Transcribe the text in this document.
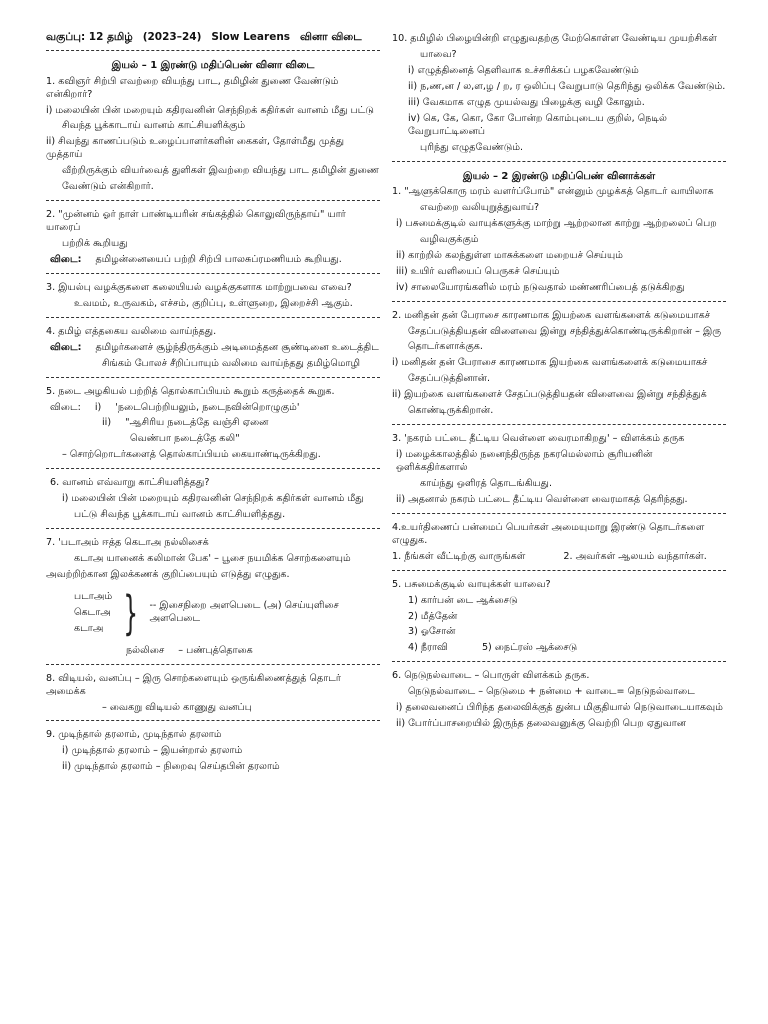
வகுப்பு: 12 தமிழ் (2023–24) Slow Learens வினா விடை
இயல் – 1 இரண்டு மதிப்பெண் வினா விடை
1. கவிஞர் சிற்பி எவற்றை வியந்து பாட, தமிழின் துணை வேண்டும் என்கிறார்?
i) மலையின் பின் மறையும் கதிரவனின் செந்நிறக் கதிர்கள் வானம் மீது பட்டு
சிவந்த பூக்காடாய் வானம் காட்சியளிக்கும்
ii) சிவந்து காணப்படும் உழைப்பாளர்களின் கைகள், தோள்மீது முத்து முத்தாய்
வீற்றிருக்கும் வியர்வைத் துளிகள் இவற்றை வியந்து பாட தமிழின் துணை
வேண்டும் என்கிறார்.
2. "முன்னம் ஓர் நாள் பாண்டியரின் சங்கத்தில் கொலுவிருந்தாய்" யார் யாரைப்
பற்றிக் கூறியது
விடை: தமிழன்னையைப் பற்றி சிற்பி பாலசுப்ரமணியம் கூறியது.
3. இயல்பு வழக்குகளை கலையியல் வழக்குகளாக மாற்றுபவை எவை?
உவமம், உருவகம், எச்சம், குறிப்பு, உள்ளுறை, இறைச்சி ஆகும்.
4. தமிழ் எத்தகைய வலிமை வாய்ந்தது.
விடை: தமிழர்களைச் சூழ்ந்திருக்கும் அடிமைத்தன சூண்டினை உடைத்திட
சிங்கம் போலச் சீறிப்பாயும் வலிமை வாய்ந்தது தமிழ்மொழி
5. நடை அழகியல் பற்றித் தொல்காப்பியம் கூறும் கருத்தைக் கூறுக.
விடை: i) 'நடைபெற்றியலும், நடைநவின்றொழுகும்'
ii) "ஆசிரிய நடைத்தே வஞ்சி ஏனை
வெண்பா நடைத்தே கலி"
– சொற்றொடர்களைத் தொல்காப்பியம் கையாண்டிருக்கிறது.
6. வானம் எவ்வாறு காட்சியளித்தது?
i) மலையின் பின் மறையும் கதிரவனின் செந்நிறக் கதிர்கள் வானம் மீது
பட்டு சிவந்த பூக்காடாய் வானம் காட்சியளித்தது.
7. 'படாஅம் ஈத்த கெடாஅ நல்லிசைக்
கடாஅ யானைக் கலிமான் பேக' – பூசை நயமிக்க சொற்களையும்
அவற்றிற்கான இலக்கணக் குறிப்பையும் எடுத்து எழுதுக.
படாஅம்
கெடாஅ
கடாஅ } -- இசைநிறை அளபெடை (அ) செய்யுளிசை அளபெடை
நல்லிசை – பண்புத்தொகை
8. விடியல், வனப்பு – இரு சொற்களையும் ஒருங்கிணைத்துத் தொடர் அமைக்க
– வைகறு விடியல் காணுது வனப்பு
9. முடிந்தால் தரலாம், முடிந்தால் தரலாம்
i) முடிந்தால் தரலாம் – இயன்றால் தரலாம்
ii) முடிந்தால் தரலாம் – நிறைவு செய்தபின் தரலாம்
10. தமிழில் பிழையின்றி எழுதுவதற்கு மேற்கொள்ள வேண்டிய முயற்சிகள்
யாவை?
i) எழுத்தினைத் தெளிவாக உச்சரிக்கப் பழகவேண்டும்
ii) ந,ண,ன / ல,ள,ழ / ற, ர ஒலிப்பு வேறுபாடு தெரிந்து ஒலிக்க வேண்டும்.
iii) வேகமாக எழுத முயல்வது பிழைக்கு வழி கோலும்.
iv) கெ, கே, கொ, கோ போன்ற கொம்புடைய குறில், நெடில் வேறுபாட்டினைப்
புரிந்து எழுதவேண்டும்.
இயல் – 2 இரண்டு மதிப்பெண் வினாக்கள்
1. "ஆளுக்கொரு மரம் வளர்ப்போம்" என்னும் முழக்கத் தொடர் வாயிலாக
எவற்றை வலியுறுத்துவாய்?
i) பசுமைக்குடில் வாயுக்களுக்கு மாற்று ஆற்றலான காற்று ஆற்றலைப் பெற
வழிவகுக்கும்
ii) காற்றில் கலந்துள்ள மாசுக்களை மறையச் செய்யும்
iii) உயிர் வளியைப் பெருகச் செய்யும்
iv) சாலையோரங்களில் மரம் நடுவதால் மண்ணரிப்பைத் தடுக்கிறது
2. மனிதன் தன் பேராசை காரணமாக இயற்கை வளங்களைக் கடுமையாகச்
சேதப்படுத்தியதன் விளைவை இன்று சந்தித்துக்கொண்டிருக்கிறான் – இரு
தொடர்களாக்குக.
i) மனிதன் தன் பேராசை காரணமாக இயற்கை வளங்களைக் கடுமையாகச்
சேதப்படுத்தினான்.
ii) இயற்கை வளங்களைச் சேதப்படுத்தியதன் விளைவை இன்று சந்தித்துக்
கொண்டிருக்கிறான்.
3. 'நகரம் பட்டை தீட்டிய வெள்ளை வைரமாகிறது' – விளக்கம் தருக
i) மழைக்காலத்தில் நனைந்திருந்த நகரமெல்லாம் சூரியனின் ஒளிக்கதிர்களால்
காய்ந்து ஒளிரத் தொடங்கியது.
ii) அதனால் நகரம் பட்டை தீட்டிய வெள்ளை வைரமாகத் தெரிந்தது.
4.உயர்திணைப் பன்மைப் பெயர்கள் அமையுமாறு இரண்டு தொடர்களை எழுதுக.
1. நீங்கள் வீட்டிற்கு வாருங்கள்	2. அவர்கள் ஆலயம் வந்தார்கள்.
5. பசுமைக்குடில் வாயுக்கள் யாவை?
1) கார்பன் டை ஆக்சைடு
2) மீத்தேன்
3) ஓசோன்
4) நீராவி	5) நைட்ரஸ் ஆக்சைடு
6. நெடுநல்வாடை – பொருள் விளக்கம் தருக.
நெடுநல்வாடை – நெடுமை + நன்மை + வாடை= நெடுநல்வாடை
i) தலைவனைப் பிரிந்த தலைவிக்குத் துன்ப மிகுதியால் நெடுவாடையாகவும்
ii) போர்ப்பாசறையில் இருந்த தலைவனுக்கு வெற்றி பெற ஏதுவான
